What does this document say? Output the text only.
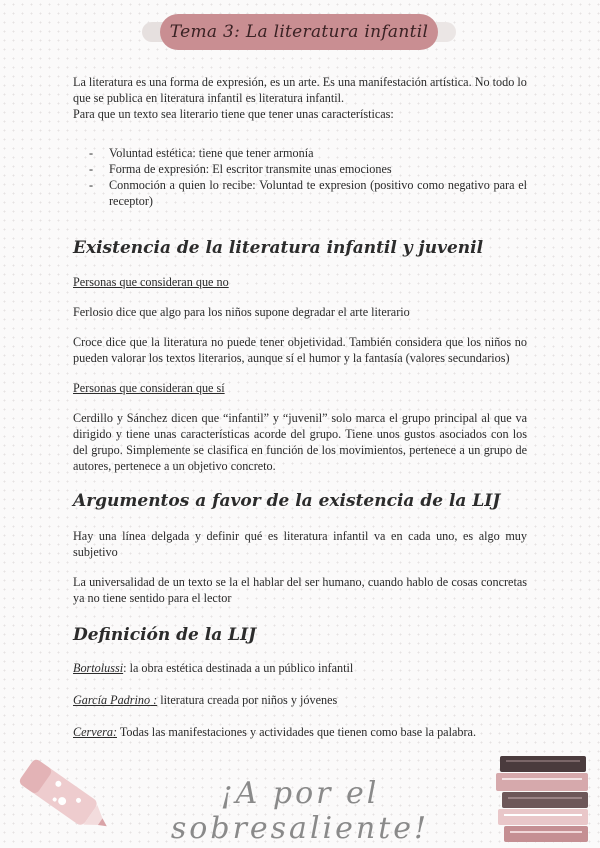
Tema 3: La literatura infantil

La literatura es una forma de expresión, es un arte. Es una manifestación artística. No todo lo que se publica en literatura infantil es literatura infantil.

Para que un texto sea literario tiene que tener unas características:

- Voluntad estética: tiene que tener armonía
- Forma de expresión: El escritor transmite unas emociones
- Conmoción a quien lo recibe: Voluntad te expresion (positivo como negativo para el receptor)
Existencia de la literatura infantil y juvenil

Personas que consideran que no

Ferlosio dice que algo para los niños supone degradar el arte literario

Croce dice que la literatura no puede tener objetividad. También considera que los niños no pueden valorar los textos literarios, aunque sí el humor y la fantasía (valores secundarios)

Personas que consideran que sí

Cerdillo y Sánchez dicen que “infantil” y “juvenil” solo marca el grupo principal al que va dirigido y tiene unas características acorde del grupo. Tiene unos gustos asociados con los del grupo. Simplemente se clasifica en función de los movimientos, pertenece a un grupo de autores, pertenece a un objetivo concreto.

Argumentos a favor de la existencia de la LIJ

Hay una línea delgada y definir qué es literatura infantil va en cada uno, es algo muy subjetivo

La universalidad de un texto se la el hablar del ser humano, cuando hablo de cosas concretas ya no tiene sentido para el lector

Definición de la LIJ

Bortolussi: la obra estética destinada a un público infantil

García Padrino : literatura creada por niños y jóvenes

Cervera: Todas las manifestaciones y actividades que tienen como base la palabra.

¡A por el sobresaliente!
